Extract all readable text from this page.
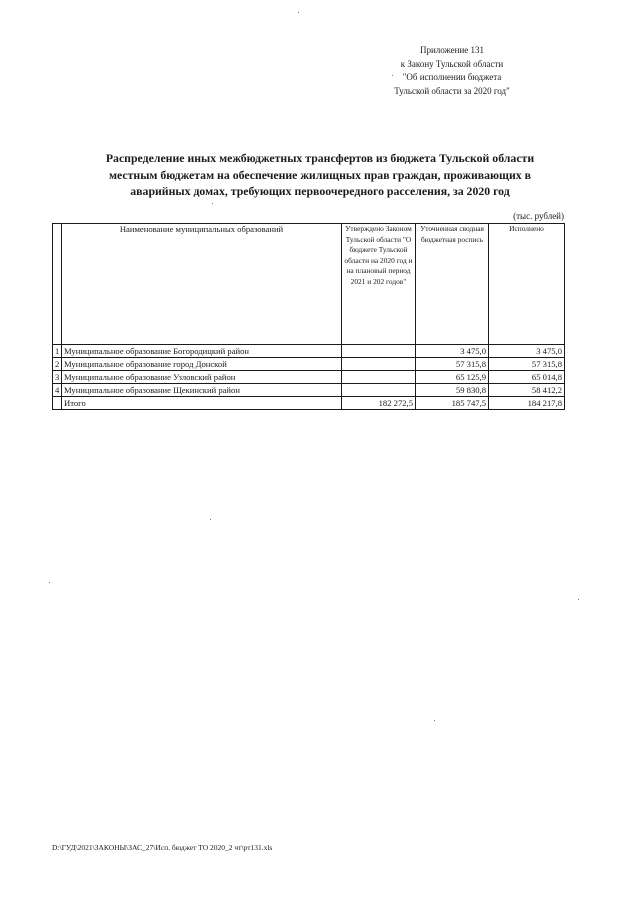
Приложение 131
к Закону Тульской области
"Об исполнении бюджета
Тульской области за 2020 год"
Распределение иных межбюджетных трансфертов из бюджета Тульской области
местным бюджетам на обеспечение жилищных прав граждан, проживающих в
аварийных домах, требующих первоочередного расселения, за 2020 год
(тыс. рублей)
	Наименование муниципальных образований	Утверждено Законом Тульской области "О бюджете Тульской области на 2020 год и на плановый период 2021 и 202 годов"	Уточненная сводная бюджетная роспись	Исполнено
1	Муниципальное образование Богородицкий район		3 475,0	3 475,0
2	Муниципальное образование город Донской		57 315,8	57 315,8
3	Муниципальное образование Узловский район		65 125,9	65 014,8
4	Муниципальное образование Щекинский район		59 830,8	58 412,2
	Итого	182 272,5	185 747,5	184 217,8
D:\ГУД\2021\ЗАКОНЫ\ЗАС_27\Исп. бюджет ТО 2020_2 чт\рт131.xls
